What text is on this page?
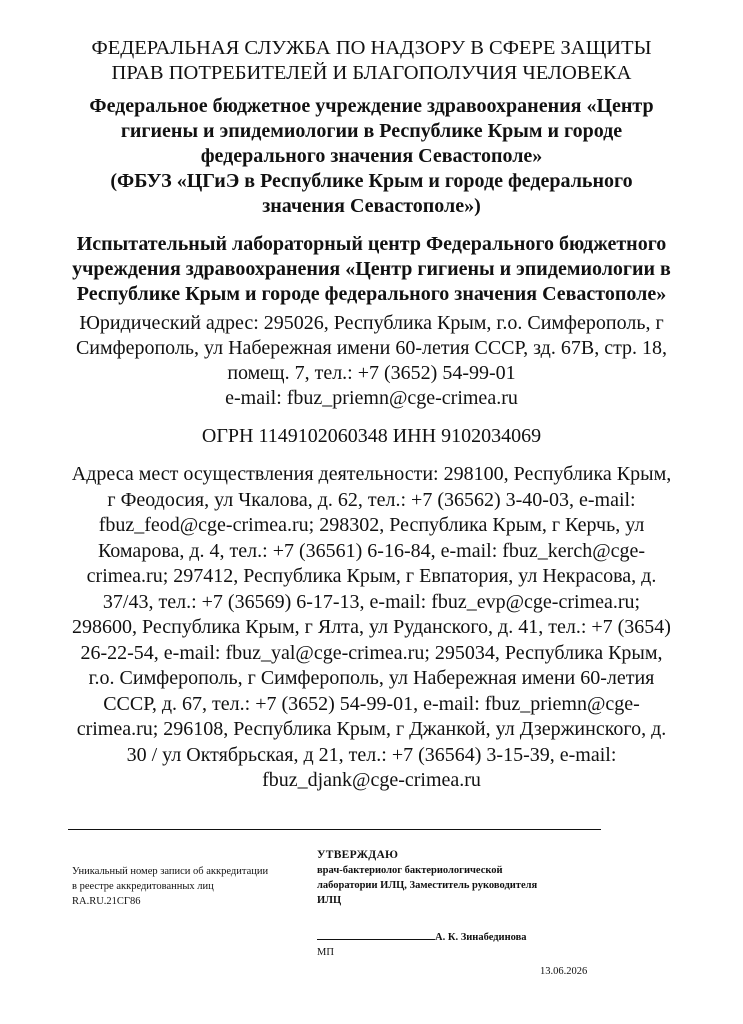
ФЕДЕРАЛЬНАЯ СЛУЖБА ПО НАДЗОРУ В СФЕРЕ ЗАЩИТЫ
ПРАВ ПОТРЕБИТЕЛЕЙ И БЛАГОПОЛУЧИЯ ЧЕЛОВЕКА
Федеральное бюджетное учреждение здравоохранения «Центр
гигиены и эпидемиологии в Республике Крым и городе
федерального значения Севастополе»
(ФБУЗ «ЦГиЭ в Республике Крым и городе федерального
значения Севастополе»)
Испытательный лабораторный центр Федерального бюджетного
учреждения здравоохранения «Центр гигиены и эпидемиологии в
Республике Крым и городе федерального значения Севастополе»
Юридический адрес: 295026, Республика Крым, г.о. Симферополь, г
Симферополь, ул Набережная имени 60-летия СССР, зд. 67В, стр. 18,
помещ. 7, тел.: +7 (3652) 54-99-01
e-mail: fbuz_priemn@cge-crimea.ru
ОГРН 1149102060348 ИНН 9102034069
Адреса мест осуществления деятельности: 298100, Республика Крым,
г Феодосия, ул Чкалова, д. 62, тел.: +7 (36562) 3-40-03, e-mail:
fbuz_feod@cge-crimea.ru; 298302, Республика Крым, г Керчь, ул
Комарова, д. 4, тел.: +7 (36561) 6-16-84, e-mail: fbuz_kerch@cge-
crimea.ru; 297412, Республика Крым, г Евпатория, ул Некрасова, д.
37/43, тел.: +7 (36569) 6-17-13, e-mail: fbuz_evp@cge-crimea.ru;
298600, Республика Крым, г Ялта, ул Руданского, д. 41, тел.: +7 (3654)
26-22-54, e-mail: fbuz_yal@cge-crimea.ru; 295034, Республика Крым,
г.о. Симферополь, г Симферополь, ул Набережная имени 60-летия
СССР, д. 67, тел.: +7 (3652) 54-99-01, e-mail: fbuz_priemn@cge-
crimea.ru; 296108, Республика Крым, г Джанкой, ул Дзержинского, д.
30 / ул Октябрьская, д 21, тел.: +7 (36564) 3-15-39, e-mail:
fbuz_djank@cge-crimea.ru
Уникальный номер записи об аккредитации
в реестре аккредитованных лиц
RA.RU.21СГ86
УТВЕРЖДАЮ
врач-бактериолог бактериологической
лаборатории ИЛЦ, Заместитель руководителя
ИЛЦ
А. К. Зинабединова
МП
13.06.2026
